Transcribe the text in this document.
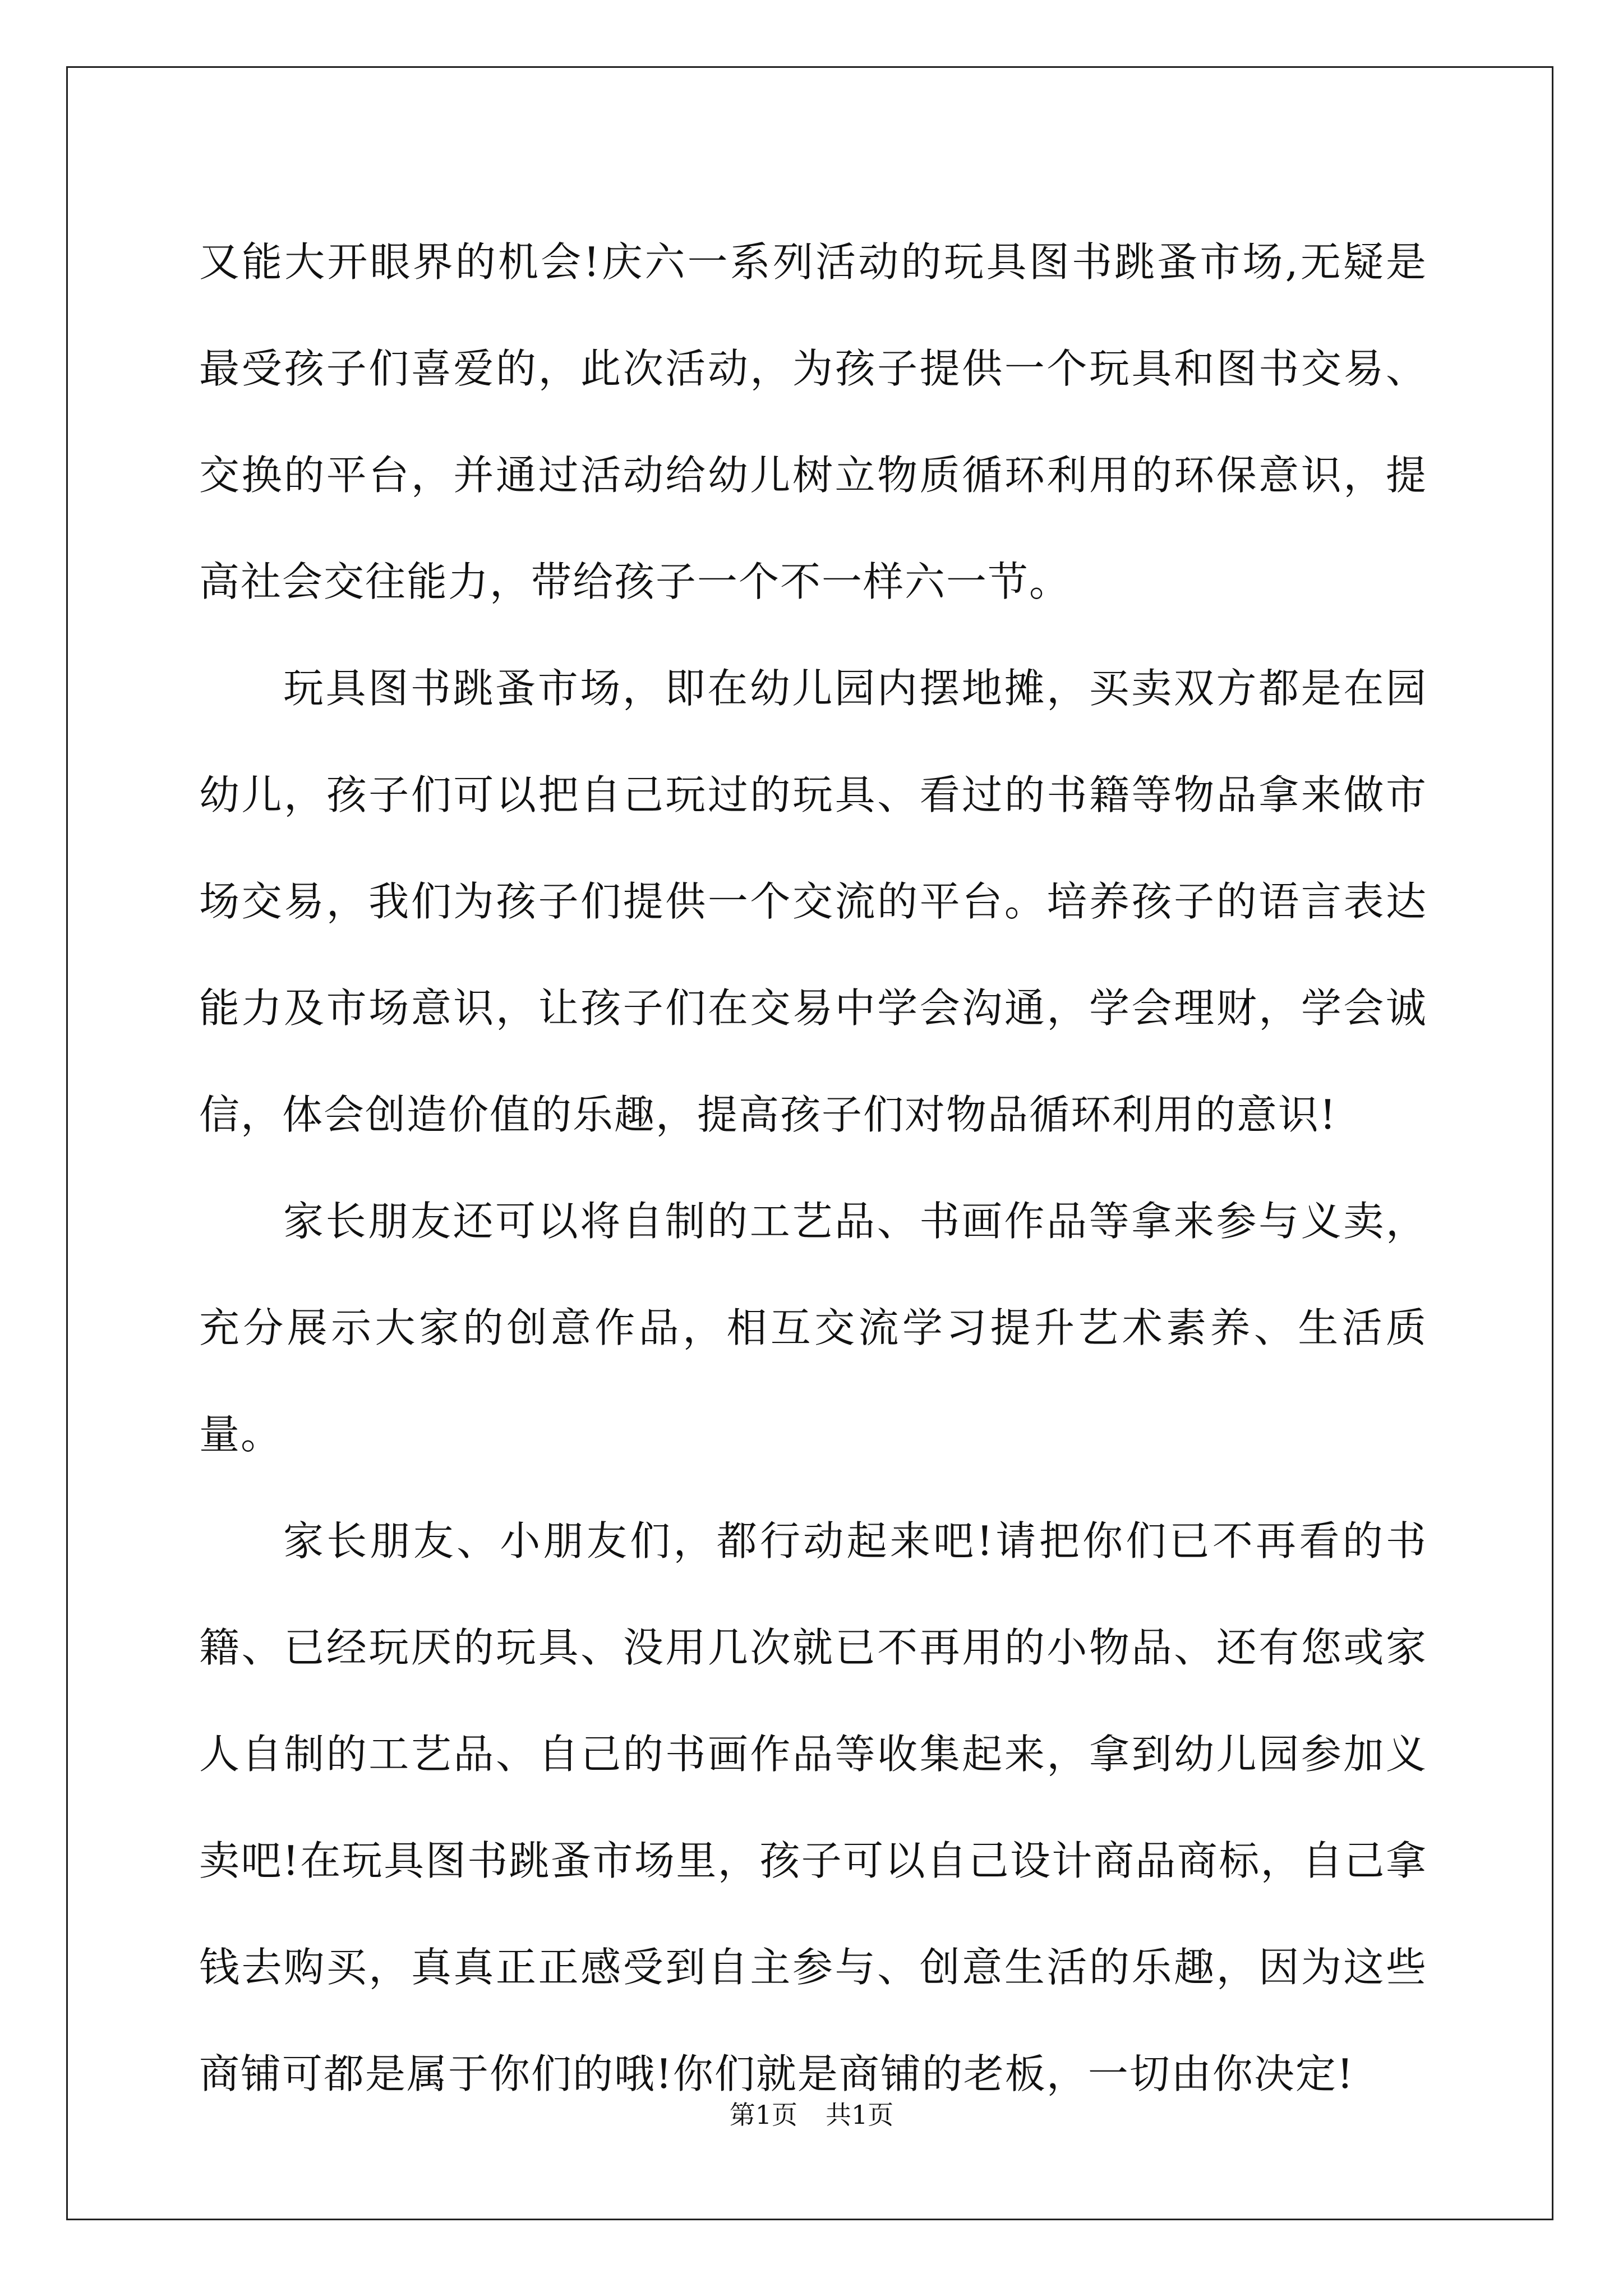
又能大开眼界的机会!庆六一系列活动的玩具图书跳蚤市场,无疑是最受孩子们喜爱的，此次活动，为孩子提供一个玩具和图书交易、交换的平台，并通过活动给幼儿树立物质循环利用的环保意识，提高社会交往能力，带给孩子一个不一样六一节。

玩具图书跳蚤市场，即在幼儿园内摆地摊，买卖双方都是在园幼儿，孩子们可以把自己玩过的玩具、看过的书籍等物品拿来做市场交易，我们为孩子们提供一个交流的平台。培养孩子的语言表达能力及市场意识，让孩子们在交易中学会沟通，学会理财，学会诚信，体会创造价值的乐趣，提高孩子们对物品循环利用的意识!

家长朋友还可以将自制的工艺品、书画作品等拿来参与义卖，充分展示大家的创意作品，相互交流学习提升艺术素养、生活质量。

家长朋友、小朋友们，都行动起来吧!请把你们已不再看的书籍、已经玩厌的玩具、没用几次就已不再用的小物品、还有您或家人自制的工艺品、自己的书画作品等收集起来，拿到幼儿园参加义卖吧!在玩具图书跳蚤市场里，孩子可以自己设计商品商标，自己拿钱去购买，真真正正感受到自主参与、创意生活的乐趣，因为这些商铺可都是属于你们的哦!你们就是商铺的老板，一切由你决定!

第1页 共1页
